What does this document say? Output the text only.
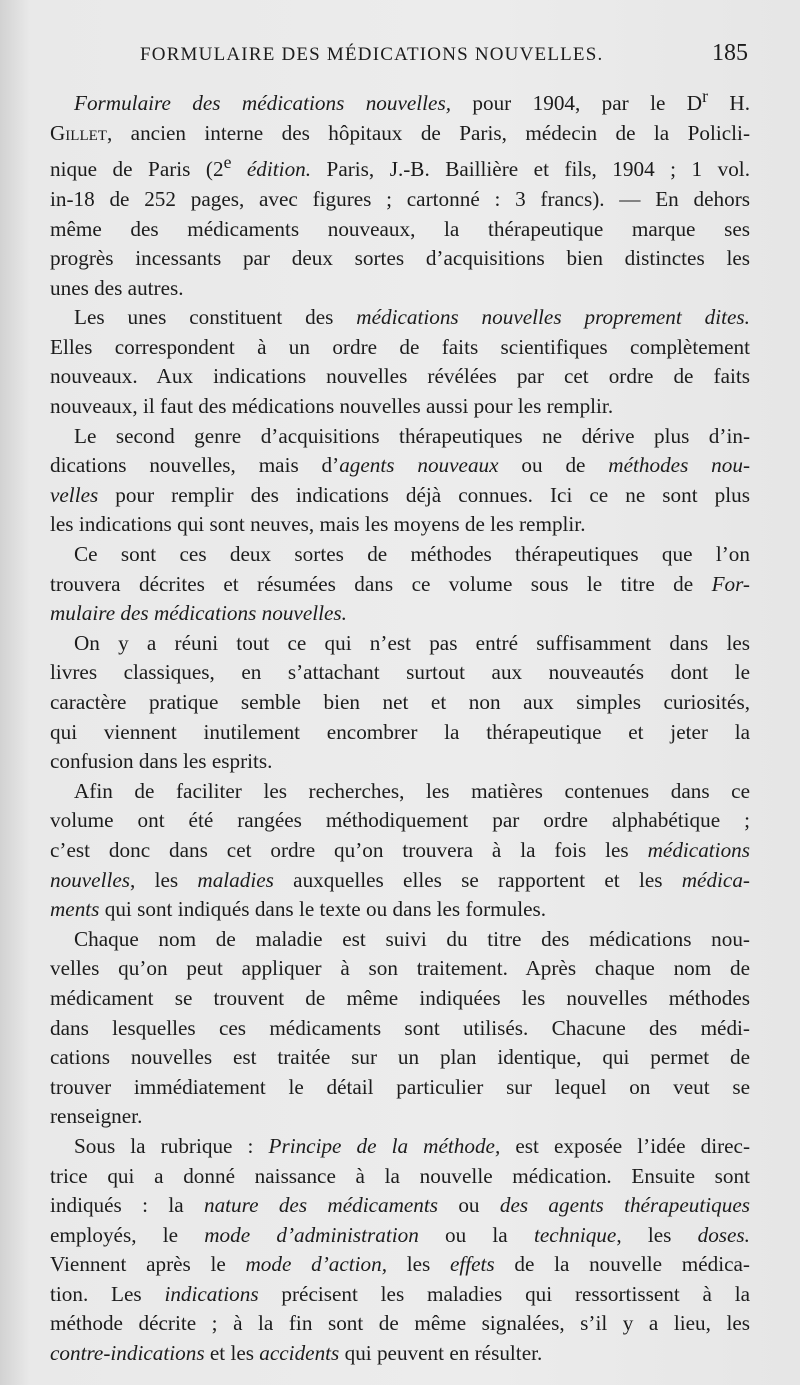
FORMULAIRE DES MÉDICATIONS NOUVELLES.	185
Formulaire des médications nouvelles, pour 1904, par le $D^r$ H.
Gillet, ancien interne des hôpitaux de Paris, médecin de la Policli-
nique de Paris (2e édition. Paris, J.-B. Baillière et fils, 1904 ; 1 vol.
in-18 de 252 pages, avec figures ; cartonné : 3 francs). — En dehors
même des médicaments nouveaux, la thérapeutique marque ses
progrès incessants par deux sortes d’acquisitions bien distinctes les
unes des autres.
Les unes constituent des médications nouvelles proprement dites.
Elles correspondent à un ordre de faits scientifiques complètement
nouveaux. Aux indications nouvelles révélées par cet ordre de faits
nouveaux, il faut des médications nouvelles aussi pour les remplir.
Le second genre d’acquisitions thérapeutiques ne dérive plus d’in-
dications nouvelles, mais d’agents nouveaux ou de méthodes nou-
velles pour remplir des indications déjà connues. Ici ce ne sont plus
les indications qui sont neuves, mais les moyens de les remplir.
Ce sont ces deux sortes de méthodes thérapeutiques que l’on
trouvera décrites et résumées dans ce volume sous le titre de For-
mulaire des médications nouvelles.
On y a réuni tout ce qui n’est pas entré suffisamment dans les
livres classiques, en s’attachant surtout aux nouveautés dont le
caractère pratique semble bien net et non aux simples curiosités,
qui viennent inutilement encombrer la thérapeutique et jeter la
confusion dans les esprits.
Afin de faciliter les recherches, les matières contenues dans ce
volume ont été rangées méthodiquement par ordre alphabétique ;
c’est donc dans cet ordre qu’on trouvera à la fois les médications
nouvelles, les maladies auxquelles elles se rapportent et les médica-
ments qui sont indiqués dans le texte ou dans les formules.
Chaque nom de maladie est suivi du titre des médications nou-
velles qu’on peut appliquer à son traitement. Après chaque nom de
médicament se trouvent de même indiquées les nouvelles méthodes
dans lesquelles ces médicaments sont utilisés. Chacune des médi-
cations nouvelles est traitée sur un plan identique, qui permet de
trouver immédiatement le détail particulier sur lequel on veut se
renseigner.
Sous la rubrique : Principe de la méthode, est exposée l’idée direc-
trice qui a donné naissance à la nouvelle médication. Ensuite sont
indiqués : la nature des médicaments ou des agents thérapeutiques
employés, le mode d’administration ou la technique, les doses.
Viennent après le mode d’action, les effets de la nouvelle médica-
tion. Les indications précisent les maladies qui ressortissent à la
méthode décrite ; à la fin sont de même signalées, s’il y a lieu, les
contre-indications et les accidents qui peuvent en résulter.
